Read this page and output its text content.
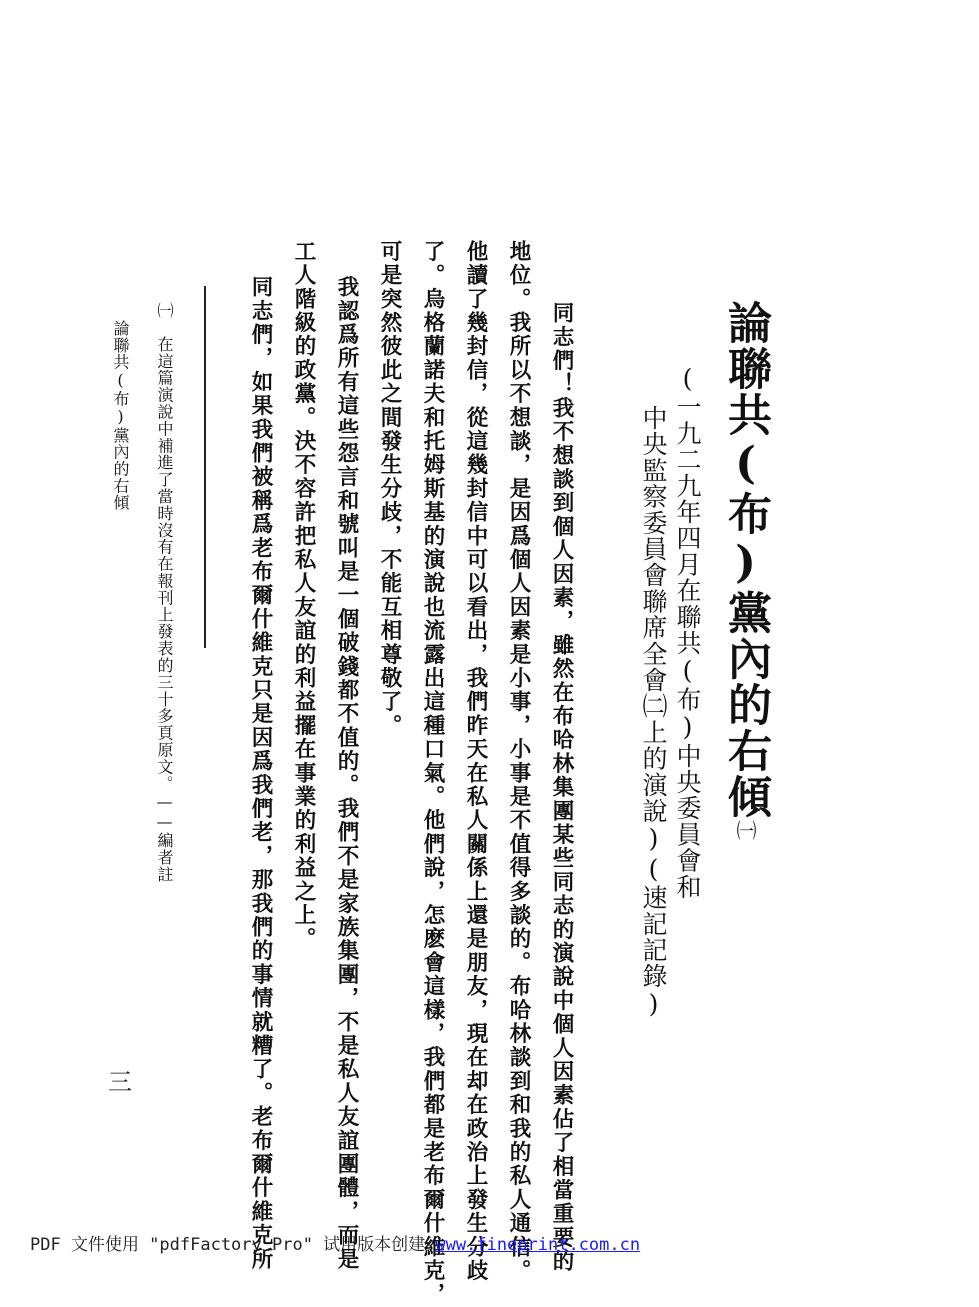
論聯共(布)黨內的右傾㈠
(一九二九年四月在聯共(布)中央委員會和
中央監察委員會聯席全會㈡上的演說)(速記記錄)
　同志們！我不想談到個人因素，雖然在布哈林集團某些同志的演說中個人因素佔了相當重要的
地位。我所以不想談，是因爲個人因素是小事，小事是不值得多談的。布哈林談到和我的私人通信。
他讀了幾封信，從這幾封信中可以看出，我們昨天在私人關係上還是朋友，現在却在政治上發生分歧
了。烏格蘭諾夫和托姆斯基的演說也流露出這種口氣。他們說，怎麽會這樣，我們都是老布爾什維克，
可是突然彼此之間發生分歧，不能互相尊敬了。
　我認爲所有這些怨言和號叫是一個破錢都不值的。我們不是家族集團，不是私人友誼團體，而是
工人階級的政黨。決不容許把私人友誼的利益擺在事業的利益之上。
　同志們，如果我們被稱爲老布爾什維克只是因爲我們老，那我們的事情就糟了。老布爾什維克所
㈠　在這篇演說中補進了當時沒有在報刊上發表的三十多頁原文。——編者註
論聯共(布)黨內的右傾
三
PDF 文件使用 "pdfFactory Pro" 试用版本创建 www.fineprint.com.cn
